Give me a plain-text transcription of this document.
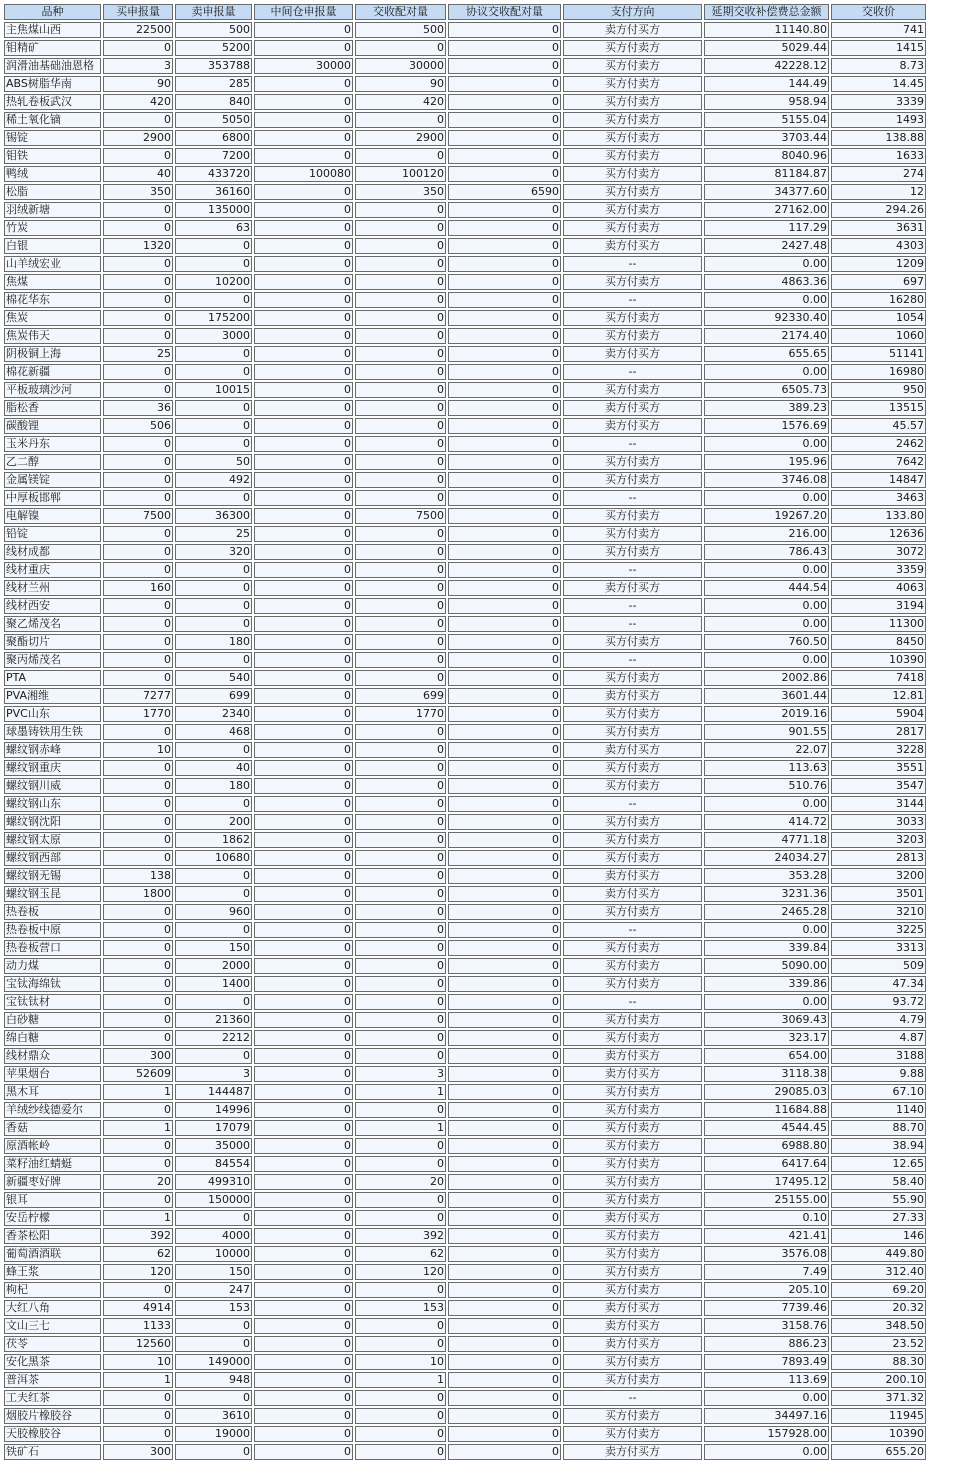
品种	买申报量	卖申报量	中间仓申报量	交收配对量	协议交收配对量	支付方向	延期交收补偿费总金额	交收价
主焦煤山西	22500	500	0	500	0	卖方付买方	11140.80	741
钼精矿	0	5200	0	0	0	买方付卖方	5029.44	1415
润滑油基础油恩格	3	353788	30000	30000	0	买方付卖方	42228.12	8.73
ABS树脂华南	90	285	0	90	0	买方付卖方	144.49	14.45
热轧卷板武汉	420	840	0	420	0	买方付卖方	958.94	3339
稀土氧化镝	0	5050	0	0	0	买方付卖方	5155.04	1493
锡锭	2900	6800	0	2900	0	买方付卖方	3703.44	138.88
钼铁	0	7200	0	0	0	买方付卖方	8040.96	1633
鸭绒	40	433720	100080	100120	0	买方付卖方	81184.87	274
松脂	350	36160	0	350	6590	买方付卖方	34377.60	12
羽绒新塘	0	135000	0	0	0	买方付卖方	27162.00	294.26
竹炭	0	63	0	0	0	买方付卖方	117.29	3631
白银	1320	0	0	0	0	卖方付买方	2427.48	4303
山羊绒宏业	0	0	0	0	0	--	0.00	1209
焦煤	0	10200	0	0	0	买方付卖方	4863.36	697
棉花华东	0	0	0	0	0	--	0.00	16280
焦炭	0	175200	0	0	0	买方付卖方	92330.40	1054
焦炭伟天	0	3000	0	0	0	买方付卖方	2174.40	1060
阴极铜上海	25	0	0	0	0	卖方付买方	655.65	51141
棉花新疆	0	0	0	0	0	--	0.00	16980
平板玻璃沙河	0	10015	0	0	0	买方付卖方	6505.73	950
脂松香	36	0	0	0	0	卖方付买方	389.23	13515
碳酸锂	506	0	0	0	0	卖方付买方	1576.69	45.57
玉米丹东	0	0	0	0	0	--	0.00	2462
乙二醇	0	50	0	0	0	买方付卖方	195.96	7642
金属镁锭	0	492	0	0	0	买方付卖方	3746.08	14847
中厚板邯郸	0	0	0	0	0	--	0.00	3463
电解镍	7500	36300	0	7500	0	买方付卖方	19267.20	133.80
铅锭	0	25	0	0	0	买方付卖方	216.00	12636
线材成都	0	320	0	0	0	买方付卖方	786.43	3072
线材重庆	0	0	0	0	0	--	0.00	3359
线材兰州	160	0	0	0	0	卖方付买方	444.54	4063
线材西安	0	0	0	0	0	--	0.00	3194
聚乙烯茂名	0	0	0	0	0	--	0.00	11300
聚酯切片	0	180	0	0	0	买方付卖方	760.50	8450
聚丙烯茂名	0	0	0	0	0	--	0.00	10390
PTA	0	540	0	0	0	买方付卖方	2002.86	7418
PVA湘维	7277	699	0	699	0	卖方付买方	3601.44	12.81
PVC山东	1770	2340	0	1770	0	买方付卖方	2019.16	5904
球墨铸铁用生铁	0	468	0	0	0	买方付卖方	901.55	2817
螺纹钢赤峰	10	0	0	0	0	卖方付买方	22.07	3228
螺纹钢重庆	0	40	0	0	0	买方付卖方	113.63	3551
螺纹钢川威	0	180	0	0	0	买方付卖方	510.76	3547
螺纹钢山东	0	0	0	0	0	--	0.00	3144
螺纹钢沈阳	0	200	0	0	0	买方付卖方	414.72	3033
螺纹钢太原	0	1862	0	0	0	买方付卖方	4771.18	3203
螺纹钢西部	0	10680	0	0	0	买方付卖方	24034.27	2813
螺纹钢无锡	138	0	0	0	0	卖方付买方	353.28	3200
螺纹钢玉昆	1800	0	0	0	0	卖方付买方	3231.36	3501
热卷板	0	960	0	0	0	买方付卖方	2465.28	3210
热卷板中原	0	0	0	0	0	--	0.00	3225
热卷板营口	0	150	0	0	0	买方付卖方	339.84	3313
动力煤	0	2000	0	0	0	买方付卖方	5090.00	509
宝钛海绵钛	0	1400	0	0	0	买方付卖方	339.86	47.34
宝钛钛材	0	0	0	0	0	--	0.00	93.72
白砂糖	0	21360	0	0	0	买方付卖方	3069.43	4.79
绵白糖	0	2212	0	0	0	买方付卖方	323.17	4.87
线材鼎众	300	0	0	0	0	卖方付买方	654.00	3188
苹果烟台	52609	3	0	3	0	卖方付买方	3118.38	9.88
黑木耳	1	144487	0	1	0	买方付卖方	29085.03	67.10
羊绒纱线德爱尔	0	14996	0	0	0	买方付卖方	11684.88	1140
香菇	1	17079	0	1	0	买方付卖方	4544.45	88.70
原酒帐岭	0	35000	0	0	0	买方付卖方	6988.80	38.94
菜籽油红蜻蜓	0	84554	0	0	0	买方付卖方	6417.64	12.65
新疆枣好牌	20	499310	0	20	0	买方付卖方	17495.12	58.40
银耳	0	150000	0	0	0	买方付卖方	25155.00	55.90
安岳柠檬	1	0	0	0	0	卖方付买方	0.10	27.33
香茶松阳	392	4000	0	392	0	买方付卖方	421.41	146
葡萄酒酒联	62	10000	0	62	0	买方付卖方	3576.08	449.80
蜂王浆	120	150	0	120	0	买方付卖方	7.49	312.40
枸杞	0	247	0	0	0	买方付卖方	205.10	69.20
大红八角	4914	153	0	153	0	卖方付买方	7739.46	20.32
文山三七	1133	0	0	0	0	卖方付买方	3158.76	348.50
茯苓	12560	0	0	0	0	卖方付买方	886.23	23.52
安化黑茶	10	149000	0	10	0	买方付卖方	7893.49	88.30
普洱茶	1	948	0	1	0	买方付卖方	113.69	200.10
工夫红茶	0	0	0	0	0	--	0.00	371.32
烟胶片橡胶谷	0	3610	0	0	0	买方付卖方	34497.16	11945
天胶橡胶谷	0	19000	0	0	0	买方付卖方	157928.00	10390
铁矿石	300	0	0	0	0	卖方付买方	0.00	655.20
